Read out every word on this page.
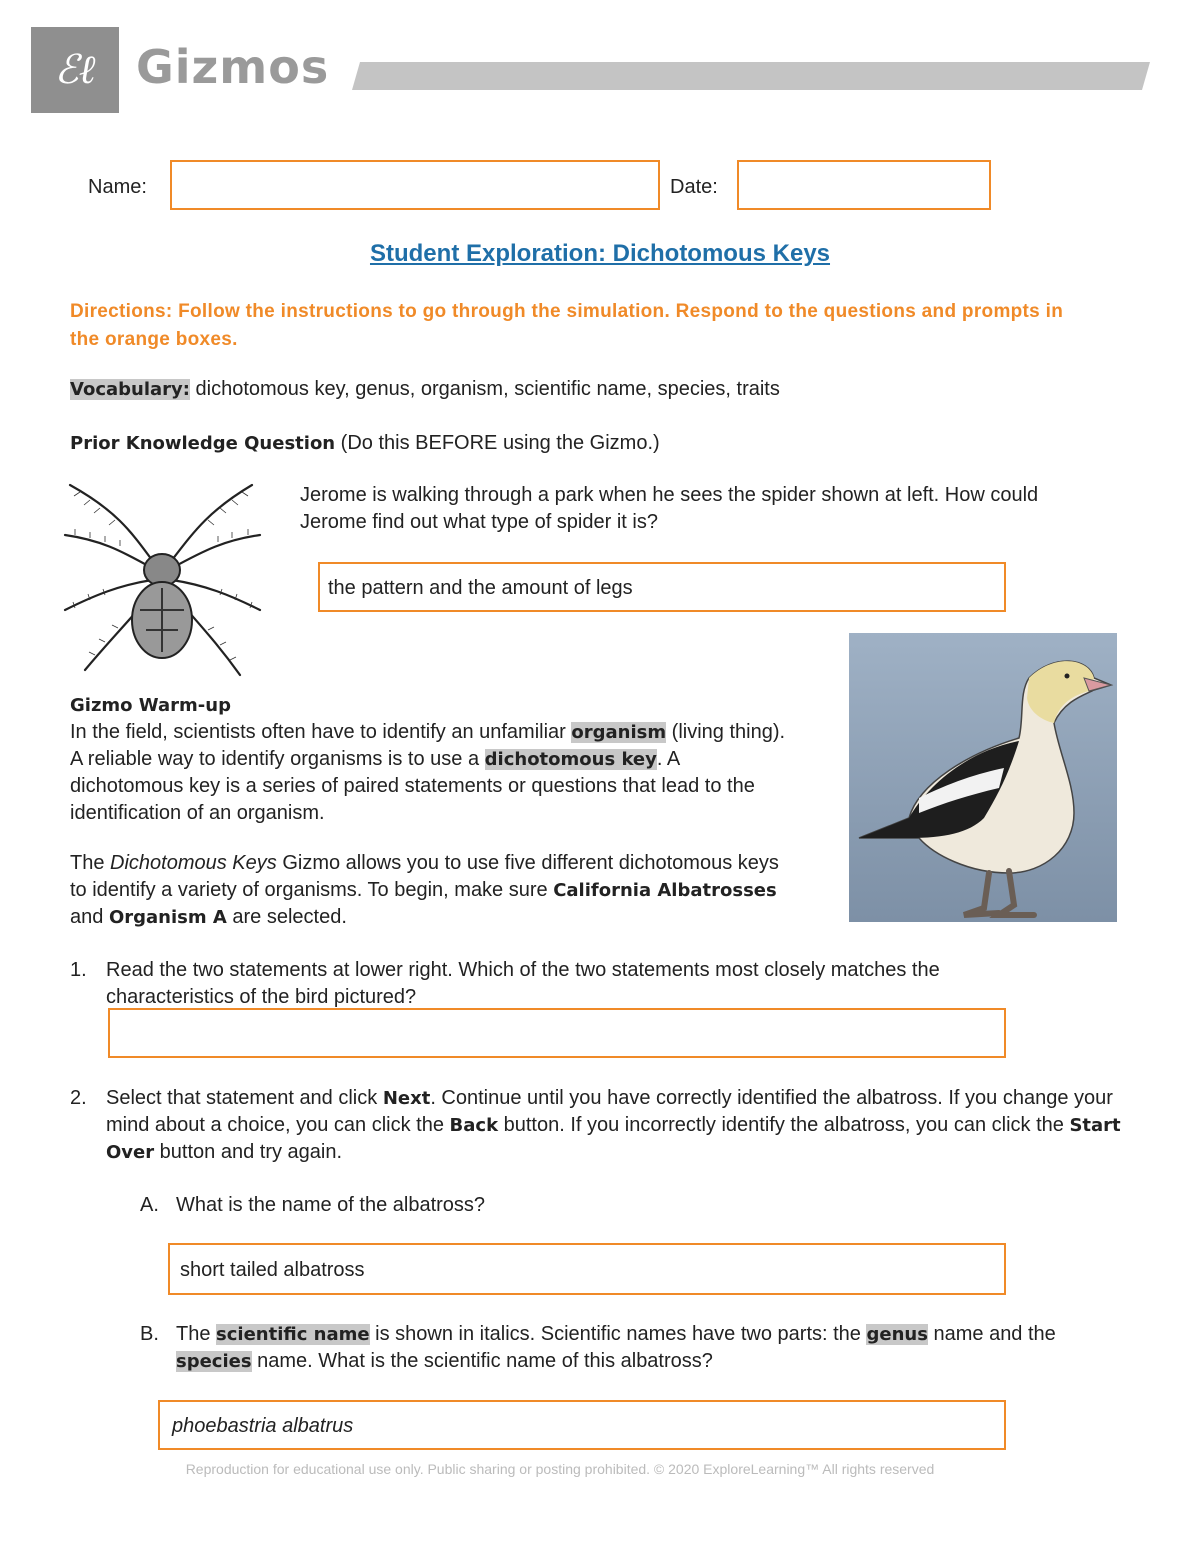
ℰℓ Gizmos
Name:	Date:
Student Exploration: Dichotomous Keys
Directions: Follow the instructions to go through the simulation. Respond to the questions and prompts in the orange boxes.
Vocabulary: dichotomous key, genus, organism, scientific name, species, traits
Prior Knowledge Question (Do this BEFORE using the Gizmo.)
Jerome is walking through a park when he sees the spider shown at left. How could
Jerome find out what type of spider it is?
the pattern and the amount of legs
Gizmo Warm-up
In the field, scientists often have to identify an unfamiliar organism (living thing). A reliable way to identify organisms is to use a dichotomous key. A dichotomous key is a series of paired statements or questions that lead to the identification of an organism.
The Dichotomous Keys Gizmo allows you to use five different dichotomous keys to identify a variety of organisms. To begin, make sure California Albatrosses and Organism A are selected.
1. Read the two statements at lower right. Which of the two statements most closely matches the characteristics of the bird pictured?
2. Select that statement and click Next. Continue until you have correctly identified the albatross. If you change your mind about a choice, you can click the Back button. If you incorrectly identify the albatross, you can click the Start Over button and try again.
A. What is the name of the albatross?
short tailed albatross
B. The scientific name is shown in italics. Scientific names have two parts: the genus name and the species name. What is the scientific name of this albatross?
phoebastria albatrus
Reproduction for educational use only. Public sharing or posting prohibited. © 2020 ExploreLearning™ All rights reserved
